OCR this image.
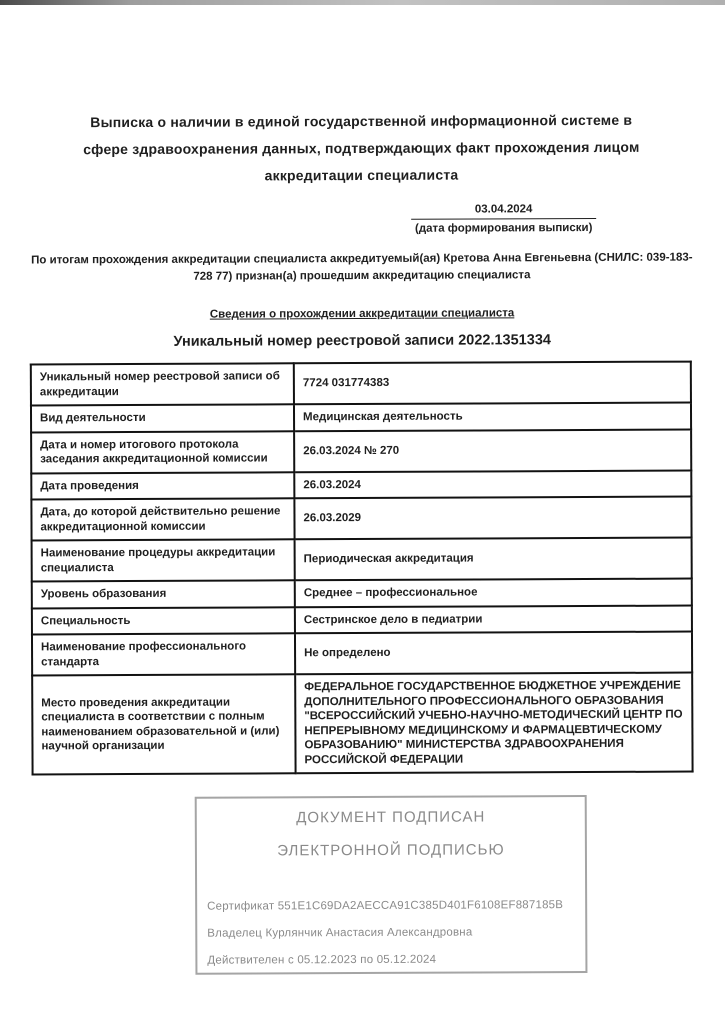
Выписка о наличии в единой государственной информационной системе в сфере здравоохранения данных, подтверждающих факт прохождения лицом аккредитации специалиста
03.04.2024
(дата формирования выписки)
По итогам прохождения аккредитации специалиста аккредитуемый(ая) Кретова Анна Евгеньевна (СНИЛС: 039-183-728 77) признан(а) прошедшим аккредитацию специалиста
Сведения о прохождении аккредитации специалиста
Уникальный номер реестровой записи 2022.1351334
Уникальный номер реестровой записи об аккредитации	7724 031774383
Вид деятельности	Медицинская деятельность
Дата и номер итогового протокола заседания аккредитационной комиссии	26.03.2024 № 270
Дата проведения	26.03.2024
Дата, до которой действительно решение аккредитационной комиссии	26.03.2029
Наименование процедуры аккредитации специалиста	Периодическая аккредитация
Уровень образования	Среднее – профессиональное
Специальность	Сестринское дело в педиатрии
Наименование профессионального стандарта	Не определено
Место проведения аккредитации специалиста в соответствии с полным наименованием образовательной и (или) научной организации	ФЕДЕРАЛЬНОЕ ГОСУДАРСТВЕННОЕ БЮДЖЕТНОЕ УЧРЕЖДЕНИЕ ДОПОЛНИТЕЛЬНОГО ПРОФЕССИОНАЛЬНОГО ОБРАЗОВАНИЯ "ВСЕРОССИЙСКИЙ УЧЕБНО-НАУЧНО-МЕТОДИЧЕСКИЙ ЦЕНТР ПО НЕПРЕРЫВНОМУ МЕДИЦИНСКОМУ И ФАРМАЦЕВТИЧЕСКОМУ ОБРАЗОВАНИЮ" МИНИСТЕРСТВА ЗДРАВООХРАНЕНИЯ РОССИЙСКОЙ ФЕДЕРАЦИИ
ДОКУМЕНТ ПОДПИСАН
ЭЛЕКТРОННОЙ ПОДПИСЬЮ
Сертификат 551E1C69DA2AECCA91C385D401F6108EF887185B
Владелец Курлянчик Анастасия Александровна
Действителен с 05.12.2023 по 05.12.2024
